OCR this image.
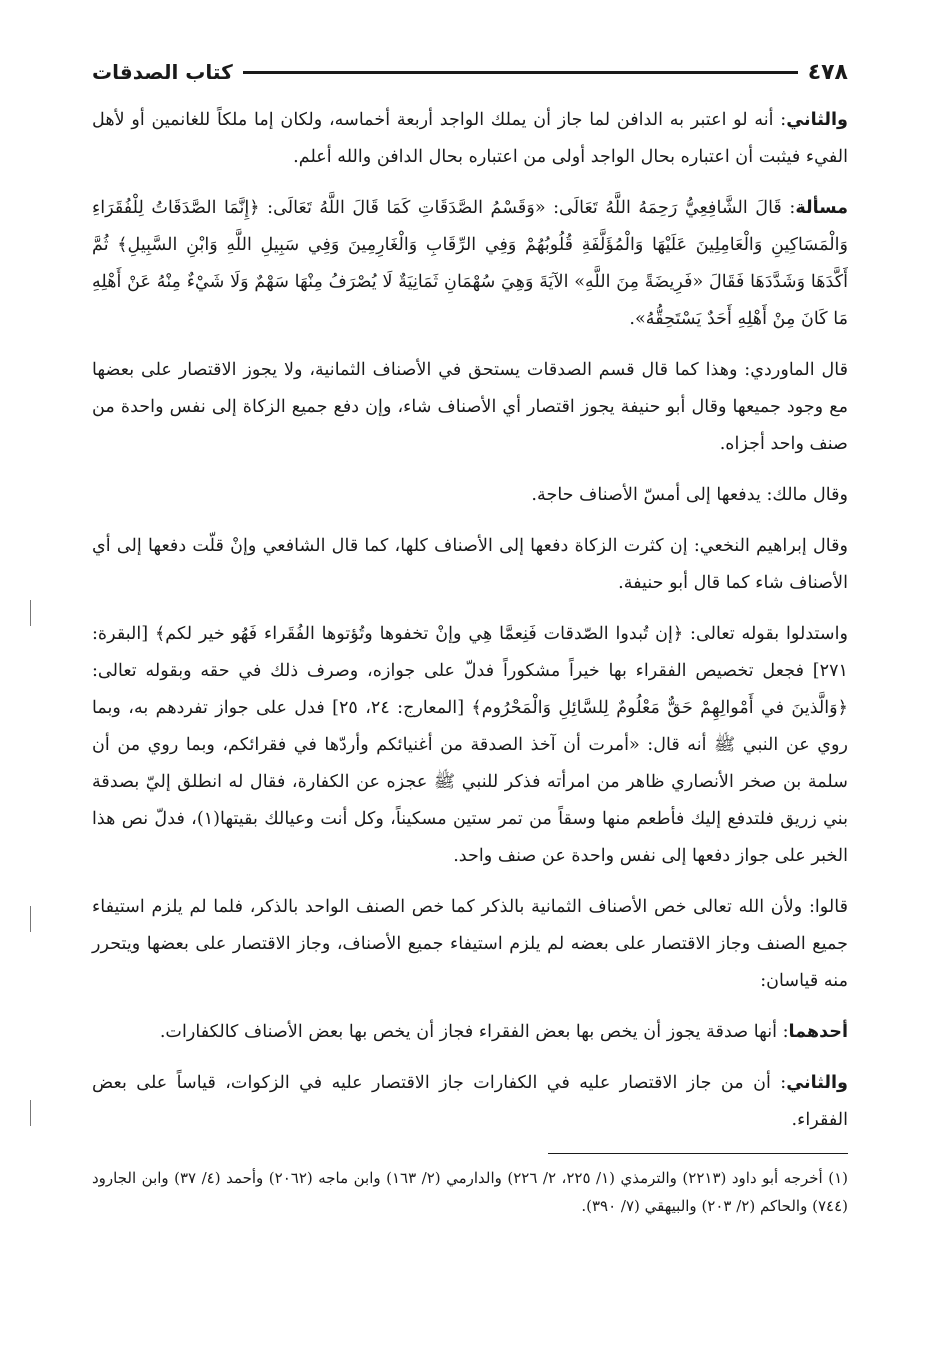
٤٧٨
كتاب الصدقات

والثاني: أنه لو اعتبر به الدافن لما جاز أن يملك الواجد أربعة أخماسه، ولكان إما ملكاً للغانمين أو لأهل الفيء فيثبت أن اعتباره بحال الواجد أولى من اعتباره بحال الدافن والله أعلم.

مسألة: قَالَ الشَّافِعِيُّ رَحِمَهُ اللَّهُ تَعَالَى: «وَقَسْمُ الصَّدَقَاتِ كَمَا قَالَ اللَّهُ تَعَالَى: ﴿إِنَّمَا الصَّدَقَاتُ لِلْفُقَرَاءِ وَالْمَسَاكِينِ وَالْعَامِلِينَ عَلَيْهَا وَالْمُؤَلَّفَةِ قُلُوبُهُمْ وَفِي الرِّقَابِ وَالْغَارِمِينَ وَفِي سَبِيلِ اللَّهِ وَابْنِ السَّبِيلِ﴾ ثُمَّ أَكَّدَهَا وَشَدَّدَهَا فَقَالَ «فَرِيضَةً مِنَ اللَّهِ» الآيَةَ وَهِيَ سُهْمَانِ ثَمَانِيَةٌ لَا يُصْرَفُ مِنْهَا سَهْمٌ وَلَا شَيْءٌ مِنْهُ عَنْ أَهْلِهِ مَا كَانَ مِنْ أَهْلِهِ أَحَدٌ يَسْتَحِقُّهُ».

قال الماوردي: وهذا كما قال قسم الصدقات يستحق في الأصناف الثمانية، ولا يجوز الاقتصار على بعضها مع وجود جميعها وقال أبو حنيفة يجوز اقتصار أي الأصناف شاء، وإن دفع جميع الزكاة إلى نفس واحدة من صنف واحد أجزاه.

وقال مالك: يدفعها إلى أمسّ الأصناف حاجة.

وقال إبراهيم النخعي: إن كثرت الزكاة دفعها إلى الأصناف كلها، كما قال الشافعي وإنْ قلّت دفعها إلى أي الأصناف شاء كما قال أبو حنيفة.

واستدلوا بقوله تعالى: ﴿إن تُبدوا الصّدقات فَنِعمَّا هِي وإنْ تخفوها وتُؤتوها الفُقَراء فَهُو خير لكم﴾ [البقرة: ٢٧١] فجعل تخصيص الفقراء بها خيراً مشكوراً فدلّ على جوازه، وصرف ذلك في حقه وبقوله تعالى: ﴿وَالَّذينَ في أَمْوالِهِمْ حَقٌّ مَعْلُومٌ لِلسَّائِلِ وَالْمَحْرُوم﴾ [المعارج: ٢٤، ٢٥] فدل على جواز تفردهم به، وبما روي عن النبي ﷺ أنه قال: «أمرت أن آخذ الصدقة من أغنيائكم وأردّها في فقرائكم، وبما روي من أن سلمة بن صخر الأنصاري ظاهر من امرأته فذكر للنبي ﷺ عجزه عن الكفارة، فقال له انطلق إليّ بصدقة بني زريق فلتدفع إليك فأطعم منها وسقاً من تمر ستين مسكيناً، وكل أنت وعيالك بقيتها(١)، فدلّ نص هذا الخبر على جواز دفعها إلى نفس واحدة عن صنف واحد.

قالوا: ولأن الله تعالى خص الأصناف الثمانية بالذكر كما خص الصنف الواحد بالذكر، فلما لم يلزم استيفاء جميع الصنف وجاز الاقتصار على بعضه لم يلزم استيفاء جميع الأصناف، وجاز الاقتصار على بعضها ويتحرر منه قياسان:

أحدهما: أنها صدقة يجوز أن يخص بها بعض الفقراء فجاز أن يخص بها بعض الأصناف كالكفارات.

والثاني: أن من جاز الاقتصار عليه في الكفارات جاز الاقتصار عليه في الزكوات، قياساً على بعض الفقراء.

(١) أخرجه أبو داود (٢٢١٣) والترمذي (١/ ٢٢٥، ٢/ ٢٢٦) والدارمي (٢/ ١٦٣) وابن ماجه (٢٠٦٢) وأحمد (٤/ ٣٧) وابن الجارود (٧٤٤) والحاكم (٢/ ٢٠٣) والبيهقي (٧/ ٣٩٠).
